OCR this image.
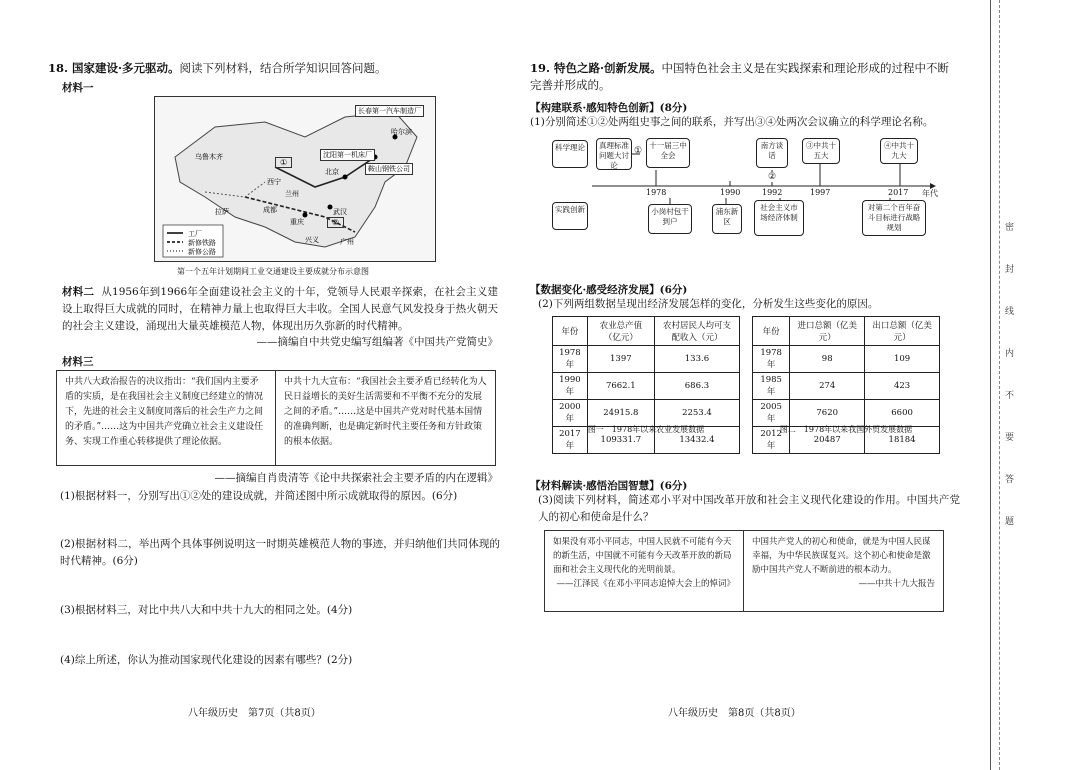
18. 国家建设·多元驱动。阅读下列材料，结合所学知识回答问题。
材料一
工厂
新修铁路
新修公路
长春第一汽车制造厂
沈阳第一机床厂
鞍山钢铁公司
北京
武汉
重庆
广州
西宁
拉萨
兰州
成都
兴义
哈尔滨
乌鲁木齐
①
②
第一个五年计划期间工业交通建设主要成就分布示意图
材料二 从1956年到1966年全面建设社会主义的十年，党领导人民艰辛探索，在社会主义建设上取得巨大成就的同时，在精神力量上也取得巨大丰收。全国人民意气风发投身于热火朝天的社会主义建设，涌现出大量英雄模范人物，体现出历久弥新的时代精神。
——摘编自中共党史编写组编著《中国共产党简史》
材料三
中共八大政治报告的决议指出：“我们国内主要矛盾的实质，是在我国社会主义制度已经建立的情况下，先进的社会主义制度同落后的社会生产力之间的矛盾。”……这为中国共产党确立社会主义建设任务、实现工作重心转移提供了理论依据。
中共十九大宣布：“我国社会主要矛盾已经转化为人民日益增长的美好生活需要和不平衡不充分的发展之间的矛盾。”……这是中国共产党对时代基本国情的准确判断，也是确定新时代主要任务和方针政策的根本依据。
——摘编自肖贵清等《论中共探索社会主要矛盾的内在逻辑》
(1)根据材料一，分别写出①②处的建设成就，并简述图中所示成就取得的原因。(6分)
(2)根据材料二，举出两个具体事例说明这一时期英雄模范人物的事迹，并归纳他们共同体现的时代精神。(6分)
(3)根据材料三，对比中共八大和中共十九大的相同之处。(4分)
(4)综上所述，你认为推动国家现代化建设的因素有哪些？(2分)
八年级历史　第7页（共8页）
19. 特色之路·创新发展。中国特色社会主义是在实践探索和理论形成的过程中不断完善并形成的。
【构建联系·感知特色创新】(8分)
(1)分别简述①②处两组史事之间的联系，并写出③④处两次会议确立的科学理论名称。
科学理论	真理标准问题大讨论
①
十一届三中全会
南方谈话
③中共十五大
④中共十九大
②
1978	1990	1992	1997	2017 年代
实践创新	小岗村包干到户
浦东新区
社会主义市场经济体制
对第二个百年奋斗目标进行战略规划
【数据变化·感受经济发展】(6分)
(2)下列两组数据呈现出经济发展怎样的变化，分析发生这些变化的原因。
年份	农业总产值（亿元）	农村居民人均可支配收入（元）
1978年	1397	133.6
1990年	7662.1	686.3
2000年	24915.8	2253.4
2017年	109331.7	13432.4
图一　1978年以来农业发展数据
年份	进口总额（亿美元）	出口总额（亿美元）
1978年	98	109
1985年	274	423
2005年	7620	6600
2012年	20487	18184
图二　1978年以来我国外贸发展数据
【材料解读·感悟治国智慧】(6分)
(3)阅读下列材料，简述邓小平对中国改革开放和社会主义现代化建设的作用。中国共产党人的初心和使命是什么？
如果没有邓小平同志，中国人民就不可能有今天的新生活，中国就不可能有今天改革开放的新局面和社会主义现代化的光明前景。
——江泽民《在邓小平同志追悼大会上的悼词》
中国共产党人的初心和使命，就是为中国人民谋幸福，为中华民族谋复兴。这个初心和使命是激励中国共产党人不断前进的根本动力。
——中共十九大报告
八年级历史　第8页（共8页）
密
封
线
内
不
要
答
题
